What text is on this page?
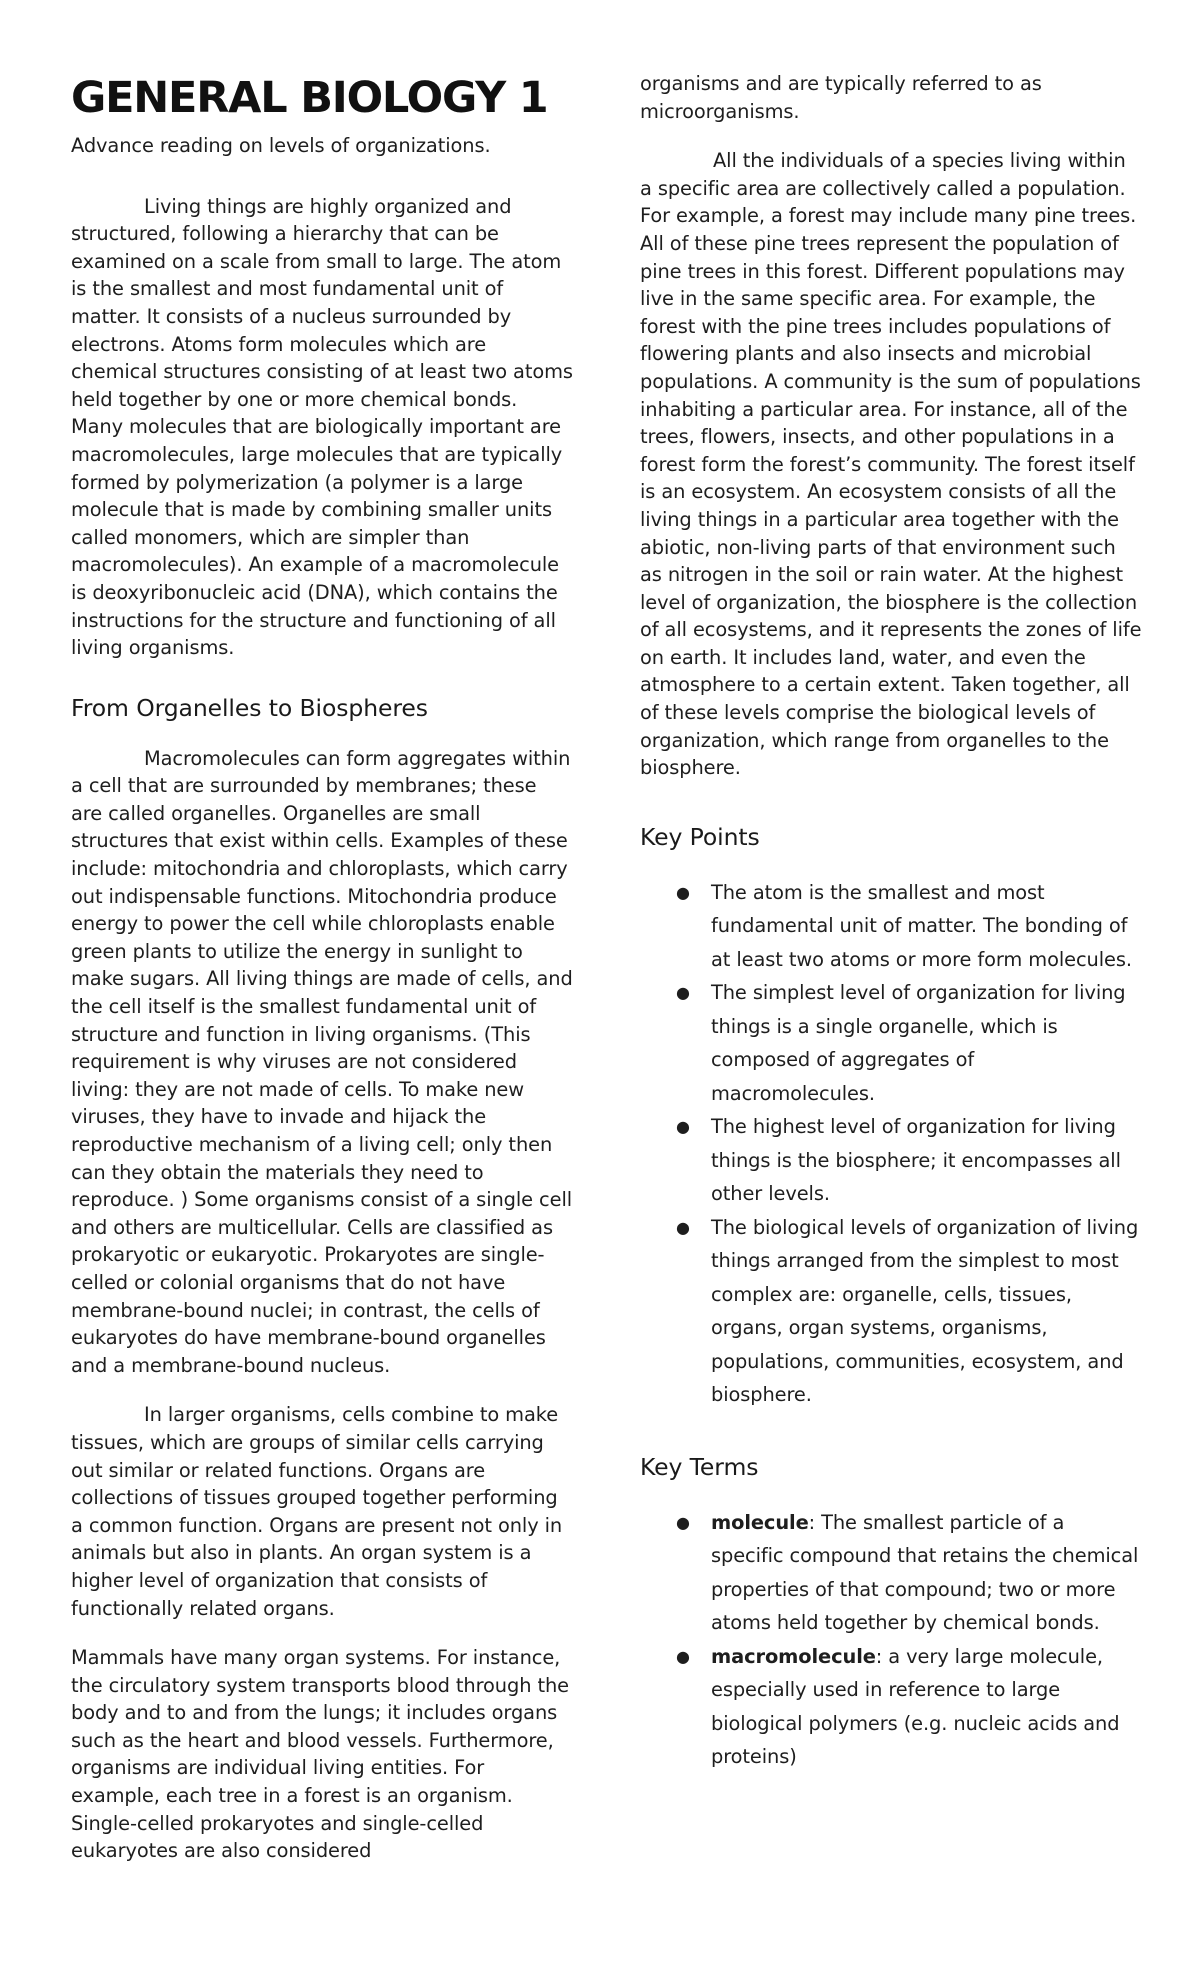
GENERAL BIOLOGY 1

Advance reading on levels of organizations.

Living things are highly organized and structured, following a hierarchy that can be examined on a scale from small to large. The atom is the smallest and most fundamental unit of matter. It consists of a nucleus surrounded by electrons. Atoms form molecules which are chemical structures consisting of at least two atoms held together by one or more chemical bonds. Many molecules that are biologically important are macromolecules, large molecules that are typically formed by polymerization (a polymer is a large molecule that is made by combining smaller units called monomers, which are simpler than macromolecules). An example of a macromolecule is deoxyribonucleic acid (DNA), which contains the instructions for the structure and functioning of all living organisms.

From Organelles to Biospheres

Macromolecules can form aggregates within a cell that are surrounded by membranes; these are called organelles. Organelles are small structures that exist within cells. Examples of these include: mitochondria and chloroplasts, which carry out indispensable functions. Mitochondria produce energy to power the cell while chloroplasts enable green plants to utilize the energy in sunlight to make sugars. All living things are made of cells, and the cell itself is the smallest fundamental unit of structure and function in living organisms. (This requirement is why viruses are not considered living: they are not made of cells. To make new viruses, they have to invade and hijack the reproductive mechanism of a living cell; only then can they obtain the materials they need to reproduce. ) Some organisms consist of a single cell and others are multicellular. Cells are classified as prokaryotic or eukaryotic. Prokaryotes are single-celled or colonial organisms that do not have membrane-bound nuclei; in contrast, the cells of eukaryotes do have membrane-bound organelles and a membrane-bound nucleus.

In larger organisms, cells combine to make tissues, which are groups of similar cells carrying out similar or related functions. Organs are collections of tissues grouped together performing a common function. Organs are present not only in animals but also in plants. An organ system is a higher level of organization that consists of functionally related organs.

Mammals have many organ systems. For instance, the circulatory system transports blood through the body and to and from the lungs; it includes organs such as the heart and blood vessels. Furthermore, organisms are individual living entities. For example, each tree in a forest is an organism. Single-celled prokaryotes and single-celled eukaryotes are also considered

organisms and are typically referred to as microorganisms.

All the individuals of a species living within a specific area are collectively called a population. For example, a forest may include many pine trees. All of these pine trees represent the population of pine trees in this forest. Different populations may live in the same specific area. For example, the forest with the pine trees includes populations of flowering plants and also insects and microbial populations. A community is the sum of populations inhabiting a particular area. For instance, all of the trees, flowers, insects, and other populations in a forest form the forest’s community. The forest itself is an ecosystem. An ecosystem consists of all the living things in a particular area together with the abiotic, non-living parts of that environment such as nitrogen in the soil or rain water. At the highest level of organization, the biosphere is the collection of all ecosystems, and it represents the zones of life on earth. It includes land, water, and even the atmosphere to a certain extent. Taken together, all of these levels comprise the biological levels of organization, which range from organelles to the biosphere.

Key Points
● The atom is the smallest and most fundamental unit of matter. The bonding of at least two atoms or more form molecules.
● The simplest level of organization for living things is a single organelle, which is composed of aggregates of macromolecules.
● The highest level of organization for living things is the biosphere; it encompasses all other levels.
● The biological levels of organization of living things arranged from the simplest to most complex are: organelle, cells, tissues, organs, organ systems, organisms, populations, communities, ecosystem, and biosphere.
Key Terms
● molecule: The smallest particle of a specific compound that retains the chemical properties of that compound; two or more atoms held together by chemical bonds.
● macromolecule: a very large molecule, especially used in reference to large biological polymers (e.g. nucleic acids and proteins)
